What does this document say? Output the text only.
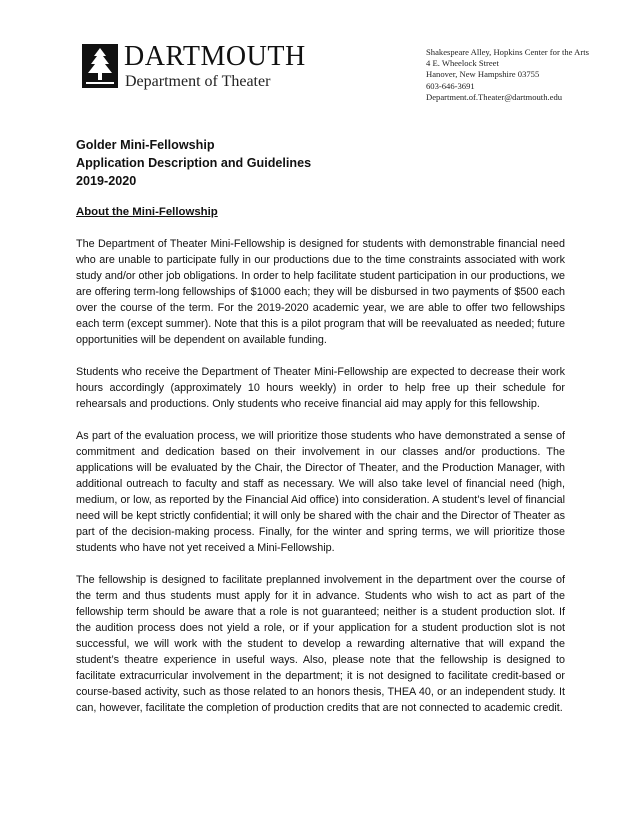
DARTMOUTH
Department of Theater
Shakespeare Alley, Hopkins Center for the Arts
4 E. Wheelock Street
Hanover, New Hampshire 03755
603-646-3691
Department.of.Theater@dartmouth.edu
Golder Mini-Fellowship
Application Description and Guidelines
2019-2020
About the Mini-Fellowship

The Department of Theater Mini-Fellowship is designed for students with demonstrable financial need who are unable to participate fully in our productions due to the time constraints associated with work study and/or other job obligations. In order to help facilitate student participation in our productions, we are offering term-long fellowships of $1000 each; they will be disbursed in two payments of $500 each over the course of the term. For the 2019-2020 academic year, we are able to offer two fellowships each term (except summer). Note that this is a pilot program that will be reevaluated as needed; future opportunities will be dependent on available funding.

Students who receive the Department of Theater Mini-Fellowship are expected to decrease their work hours accordingly (approximately 10 hours weekly) in order to help free up their schedule for rehearsals and productions. Only students who receive financial aid may apply for this fellowship.

As part of the evaluation process, we will prioritize those students who have demonstrated a sense of commitment and dedication based on their involvement in our classes and/or productions. The applications will be evaluated by the Chair, the Director of Theater, and the Production Manager, with additional outreach to faculty and staff as necessary. We will also take level of financial need (high, medium, or low, as reported by the Financial Aid office) into consideration. A student’s level of financial need will be kept strictly confidential; it will only be shared with the chair and the Director of Theater as part of the decision-making process. Finally, for the winter and spring terms, we will prioritize those students who have not yet received a Mini-Fellowship.

The fellowship is designed to facilitate preplanned involvement in the department over the course of the term and thus students must apply for it in advance. Students who wish to act as part of the fellowship term should be aware that a role is not guaranteed; neither is a student production slot. If the audition process does not yield a role, or if your application for a student production slot is not successful, we will work with the student to develop a rewarding alternative that will expand the student’s theatre experience in useful ways. Also, please note that the fellowship is designed to facilitate extracurricular involvement in the department; it is not designed to facilitate credit-based or course-based activity, such as those related to an honors thesis, THEA 40, or an independent study. It can, however, facilitate the completion of production credits that are not connected to academic credit.
